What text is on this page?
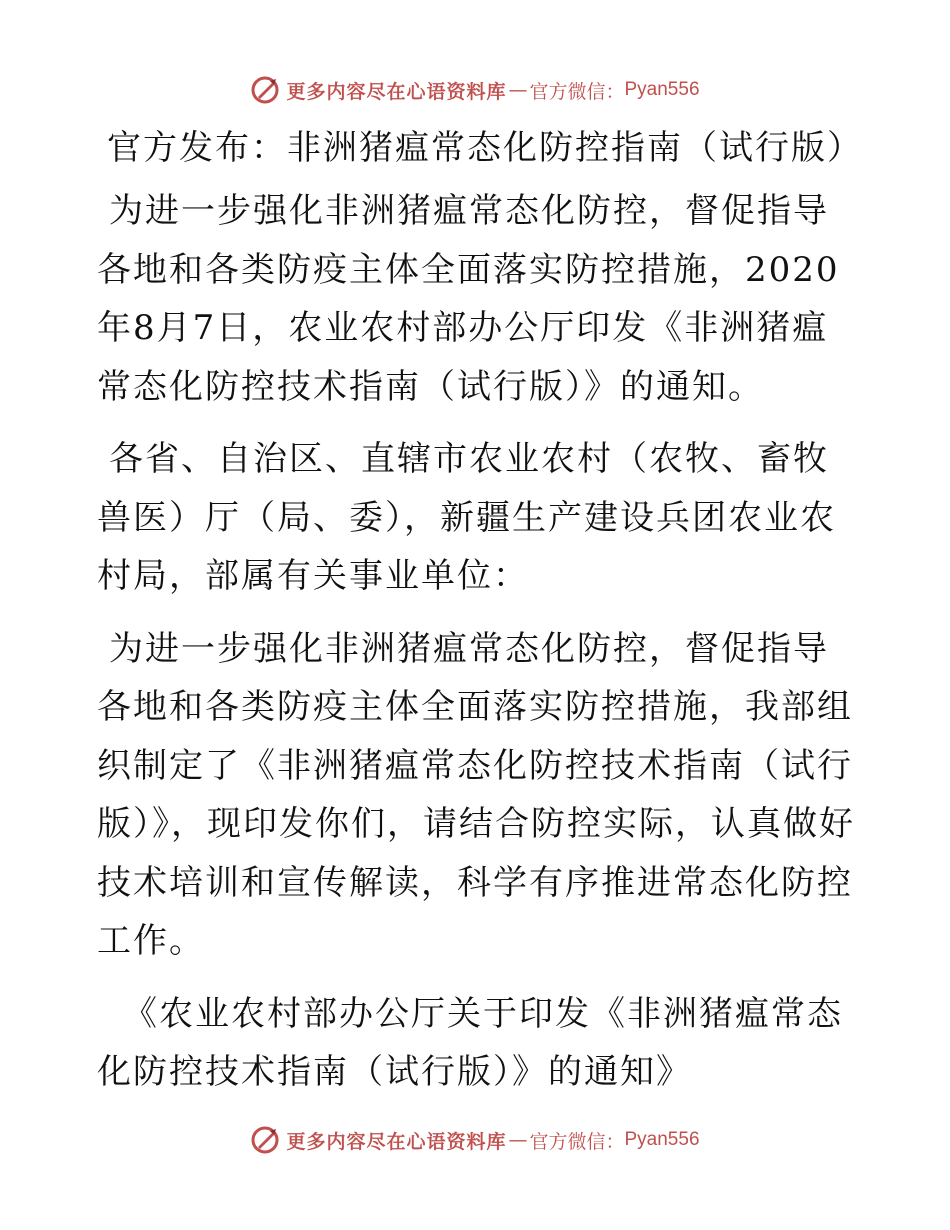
更多内容尽在心语资料库 — 官方微信： Pyan556
官方发布：非洲猪瘟常态化防控指南（试行版）

为进一步强化非洲猪瘟常态化防控，督促指导各地和各类防疫主体全面落实防控措施，2020年8月7日，农业农村部办公厅印发《非洲猪瘟常态化防控技术指南（试行版）》的通知。

各省、自治区、直辖市农业农村（农牧、畜牧兽医）厅（局、委），新疆生产建设兵团农业农村局，部属有关事业单位：

为进一步强化非洲猪瘟常态化防控，督促指导各地和各类防疫主体全面落实防控措施，我部组织制定了《非洲猪瘟常态化防控技术指南（试行版）》，现印发你们，请结合防控实际，认真做好技术培训和宣传解读，科学有序推进常态化防控工作。

《农业农村部办公厅关于印发《非洲猪瘟常态化防控技术指南（试行版）》的通知》

更多内容尽在心语资料库 — 官方微信： Pyan556
